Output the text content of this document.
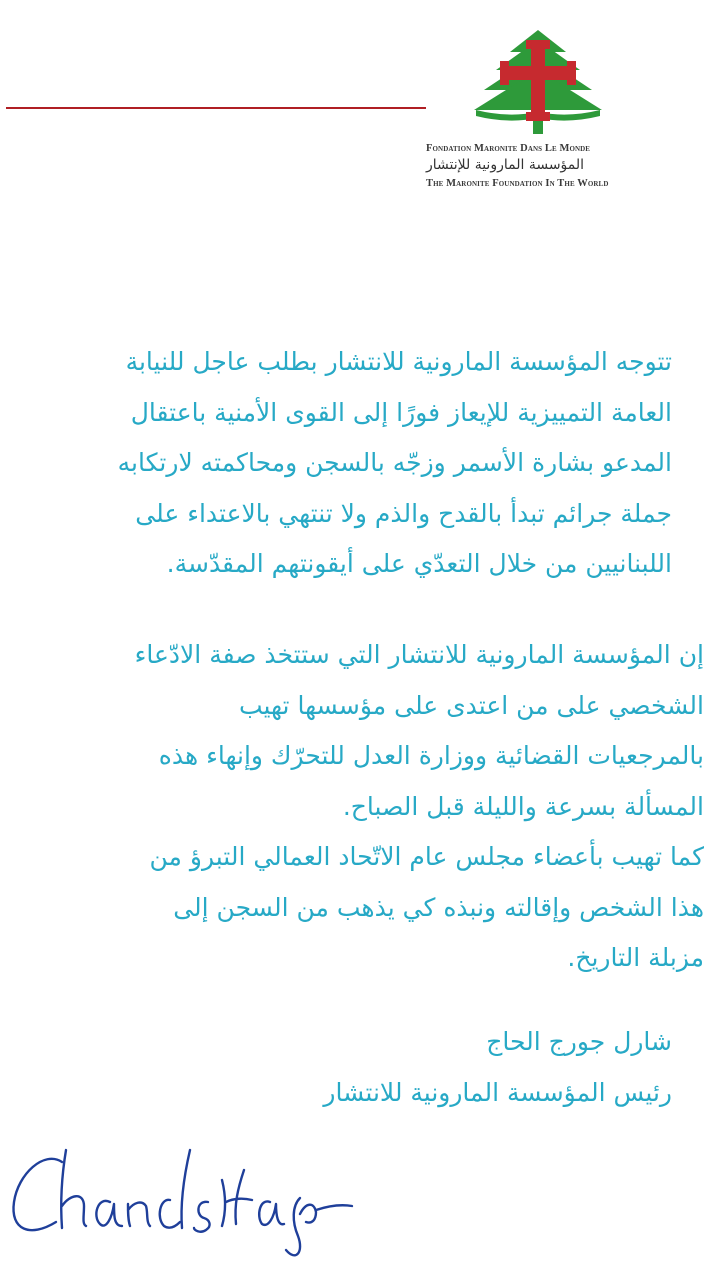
Fondation Maronite Dans Le Monde
المؤسسة المارونية للإنتشار
The Maronite Foundation In The World
تتوجه المؤسسة المارونية للانتشار بطلب عاجل للنيابة
العامة التمييزية للإيعاز فورًا إلى القوى الأمنية باعتقال
المدعو بشارة الأسمر وزجّه بالسجن ومحاكمته لارتكابه
جملة جرائم تبدأ بالقدح والذم ولا تنتهي بالاعتداء على
اللبنانيين من خلال التعدّي على أيقونتهم المقدّسة.
إن المؤسسة المارونية للانتشار التي ستتخذ صفة الادّعاء
الشخصي على من اعتدى على مؤسسها تهيب
بالمرجعيات القضائية ووزارة العدل للتحرّك وإنهاء هذه
المسألة بسرعة والليلة قبل الصباح.
كما تهيب بأعضاء مجلس عام الاتّحاد العمالي التبرؤ من
هذا الشخص وإقالته ونبذه كي يذهب من السجن إلى
مزبلة التاريخ.
شارل جورج الحاج
رئيس المؤسسة المارونية للانتشار
